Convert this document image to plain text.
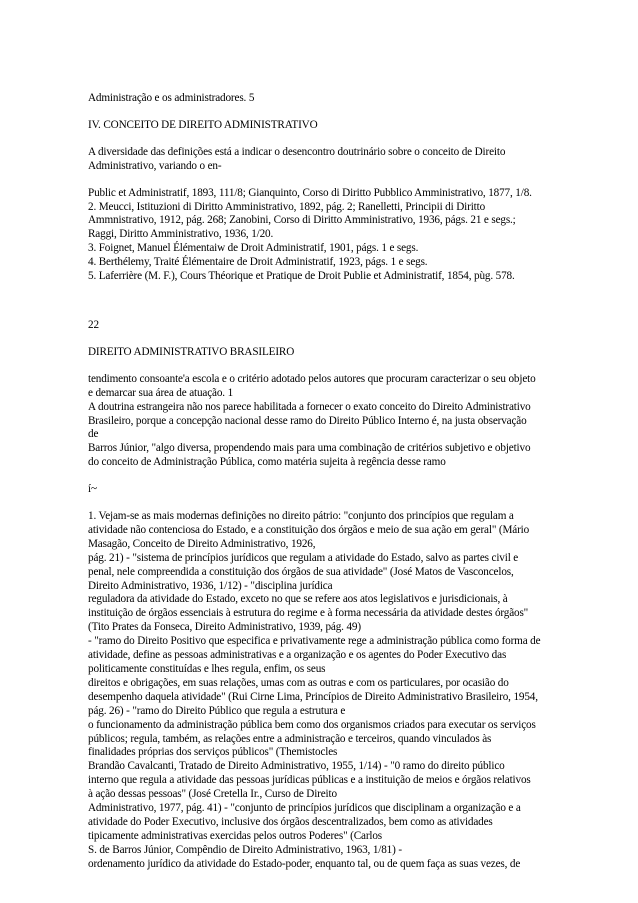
Administração e os administradores. 5

IV. CONCEITO DE DIREITO ADMINISTRATIVO

A diversidade das definições está a indicar o desencontro doutrinário sobre o conceito de Direito
Administrativo, variando o en-

Public et Administratif, 1893, 111/8; Gianquinto, Corso di Diritto Pubblico Amministrativo, 1877, 1/8.
2. Meucci, Istituzioni di Diritto Amministrativo, 1892, pág. 2; Ranelletti, Principii di Diritto
Ammnistrativo, 1912, pág. 268; Zanobini, Corso di Diritto Amministrativo, 1936, págs. 21 e segs.;
Raggi, Diritto Amministrativo, 1936, 1/20.
3. Foignet, Manuel Élémentaiw de Droit Administratif, 1901, págs. 1 e segs.
4. Berthélemy, Traité Élémentaire de Droit Administratif, 1923, págs. 1 e segs.
5. Laferrière (M. F.), Cours Théorique et Pratique de Droit Publie et Administratif, 1854, pùg. 578.

22

DIREITO ADMINISTRATIVO BRASILEIRO

tendimento consoante'a escola e o critério adotado pelos autores que procuram caracterizar o seu objeto
e demarcar sua área de atuação. 1
A doutrina estrangeira não nos parece habilitada a fornecer o exato conceito do Direito Administrativo
Brasileiro, porque a concepção nacional desse ramo do Direito Público Interno é, na justa observação
de
Barros Júnior, "algo diversa, propendendo mais para uma combinação de critérios subjetivo e objetivo
do conceito de Administração Pública, como matéria sujeita à regência desse ramo

í~

1. Vejam-se as mais modernas definições no direito pátrio: "conjunto dos princípios que regulam a
atividade não contenciosa do Estado, e a constituição dos órgãos e meio de sua ação em geral" (Mário
Masagão, Conceito de Direito Administrativo, 1926,
pág. 21) - "sistema de princípios jurídicos que regulam a atividade do Estado, salvo as partes civil e
penal, nele compreendida a constituição dos órgãos de sua atividade" (José Matos de Vasconcelos,
Direito Administrativo, 1936, 1/12) - "disciplina jurídica
reguladora da atividade do Estado, exceto no que se refere aos atos legislativos e jurisdicionais, à
instituição de órgãos essenciais à estrutura do regime e à forma necessária da atividade destes órgãos"
(Tito Prates da Fonseca, Direito Administrativo, 1939, pág. 49)
- "ramo do Direito Positivo que especifica e privativamente rege a administração pública como forma de
atividade, define as pessoas administrativas e a organização e os agentes do Poder Executivo das
politicamente constituídas e lhes regula, enfim, os seus
direitos e obrigações, em suas relações, umas com as outras e com os particulares, por ocasião do
desempenho daquela atividade" (Rui Cirne Lima, Princípios de Direito Administrativo Brasileiro, 1954,
pág. 26) - "ramo do Direito Público que regula a estrutura e
o funcionamento da administração pública bem como dos organismos criados para executar os serviços
públicos; regula, também, as relações entre a administração e terceiros, quando vinculados às
finalidades próprias dos serviços públicos" (Themistocles
Brandão Cavalcanti, Tratado de Direito Administrativo, 1955, 1/14) - "0 ramo do direito público
interno que regula a atividade das pessoas jurídicas públicas e a instituição de meios e órgãos relativos
à ação dessas pessoas" (José Cretella Ir., Curso de Direito
Administrativo, 1977, pág. 41) - "conjunto de princípios jurídicos que disciplinam a organização e a
atividade do Poder Executivo, inclusive dos órgãos descentralizados, bem como as atividades
tipicamente administrativas exercidas pelos outros Poderes" (Carlos
S. de Barros Júnior, Compêndio de Direito Administrativo, 1963, 1/81) -
ordenamento jurídico da atividade do Estado-poder, enquanto tal, ou de quem faça as suas vezes, de
